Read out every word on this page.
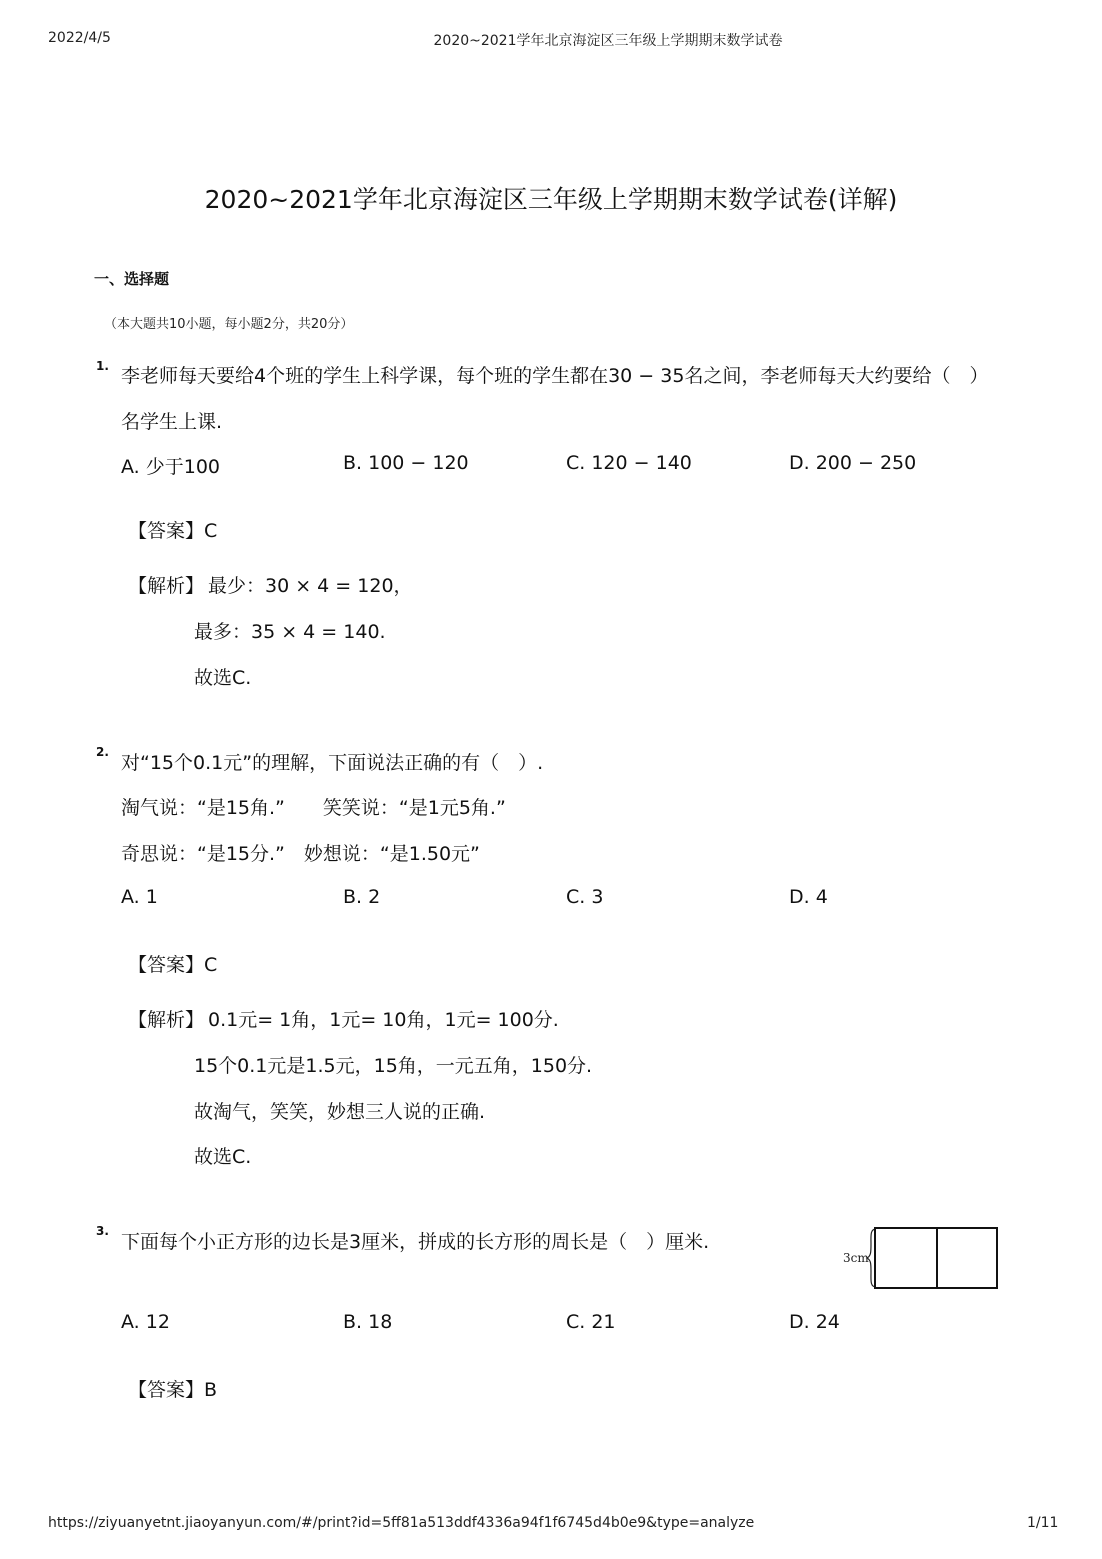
2022/4/5	2020~2021学年北京海淀区三年级上学期期末数学试卷
2020~2021学年北京海淀区三年级上学期期末数学试卷(详解)
一、选择题
（本大题共10小题，每小题2分，共20分）
1. 李老师每天要给4个班的学生上科学课，每个班的学生都在30 − 35名之间，李老师每天大约要给（　）
名学生上课.
A. 少于100	B. 100 − 120	C. 120 − 140	D. 200 − 250
【答案】C
【解析】 最少：30 × 4 = 120，
最多：35 × 4 = 140.
故选C.
2. 对“15个0.1元”的理解，下面说法正确的有（　）.
淘气说：“是15角.”　　笑笑说：“是1元5角.”
奇思说：“是15分.”　妙想说：“是1.50元”
A. 1	B. 2	C. 3	D. 4
【答案】C
【解析】 0.1元= 1角，1元= 10角，1元= 100分.
15个0.1元是1.5元，15角，一元五角，150分.
故淘气，笑笑，妙想三人说的正确.
故选C.
3. 下面每个小正方形的边长是3厘米，拼成的长方形的周长是（　）厘米.
3cm
A. 12	B. 18	C. 21	D. 24
【答案】B
https://ziyuanyetnt.jiaoyanyun.com/#/print?id=5ff81a513ddf4336a94f1f6745d4b0e9&type=analyze	1/11
